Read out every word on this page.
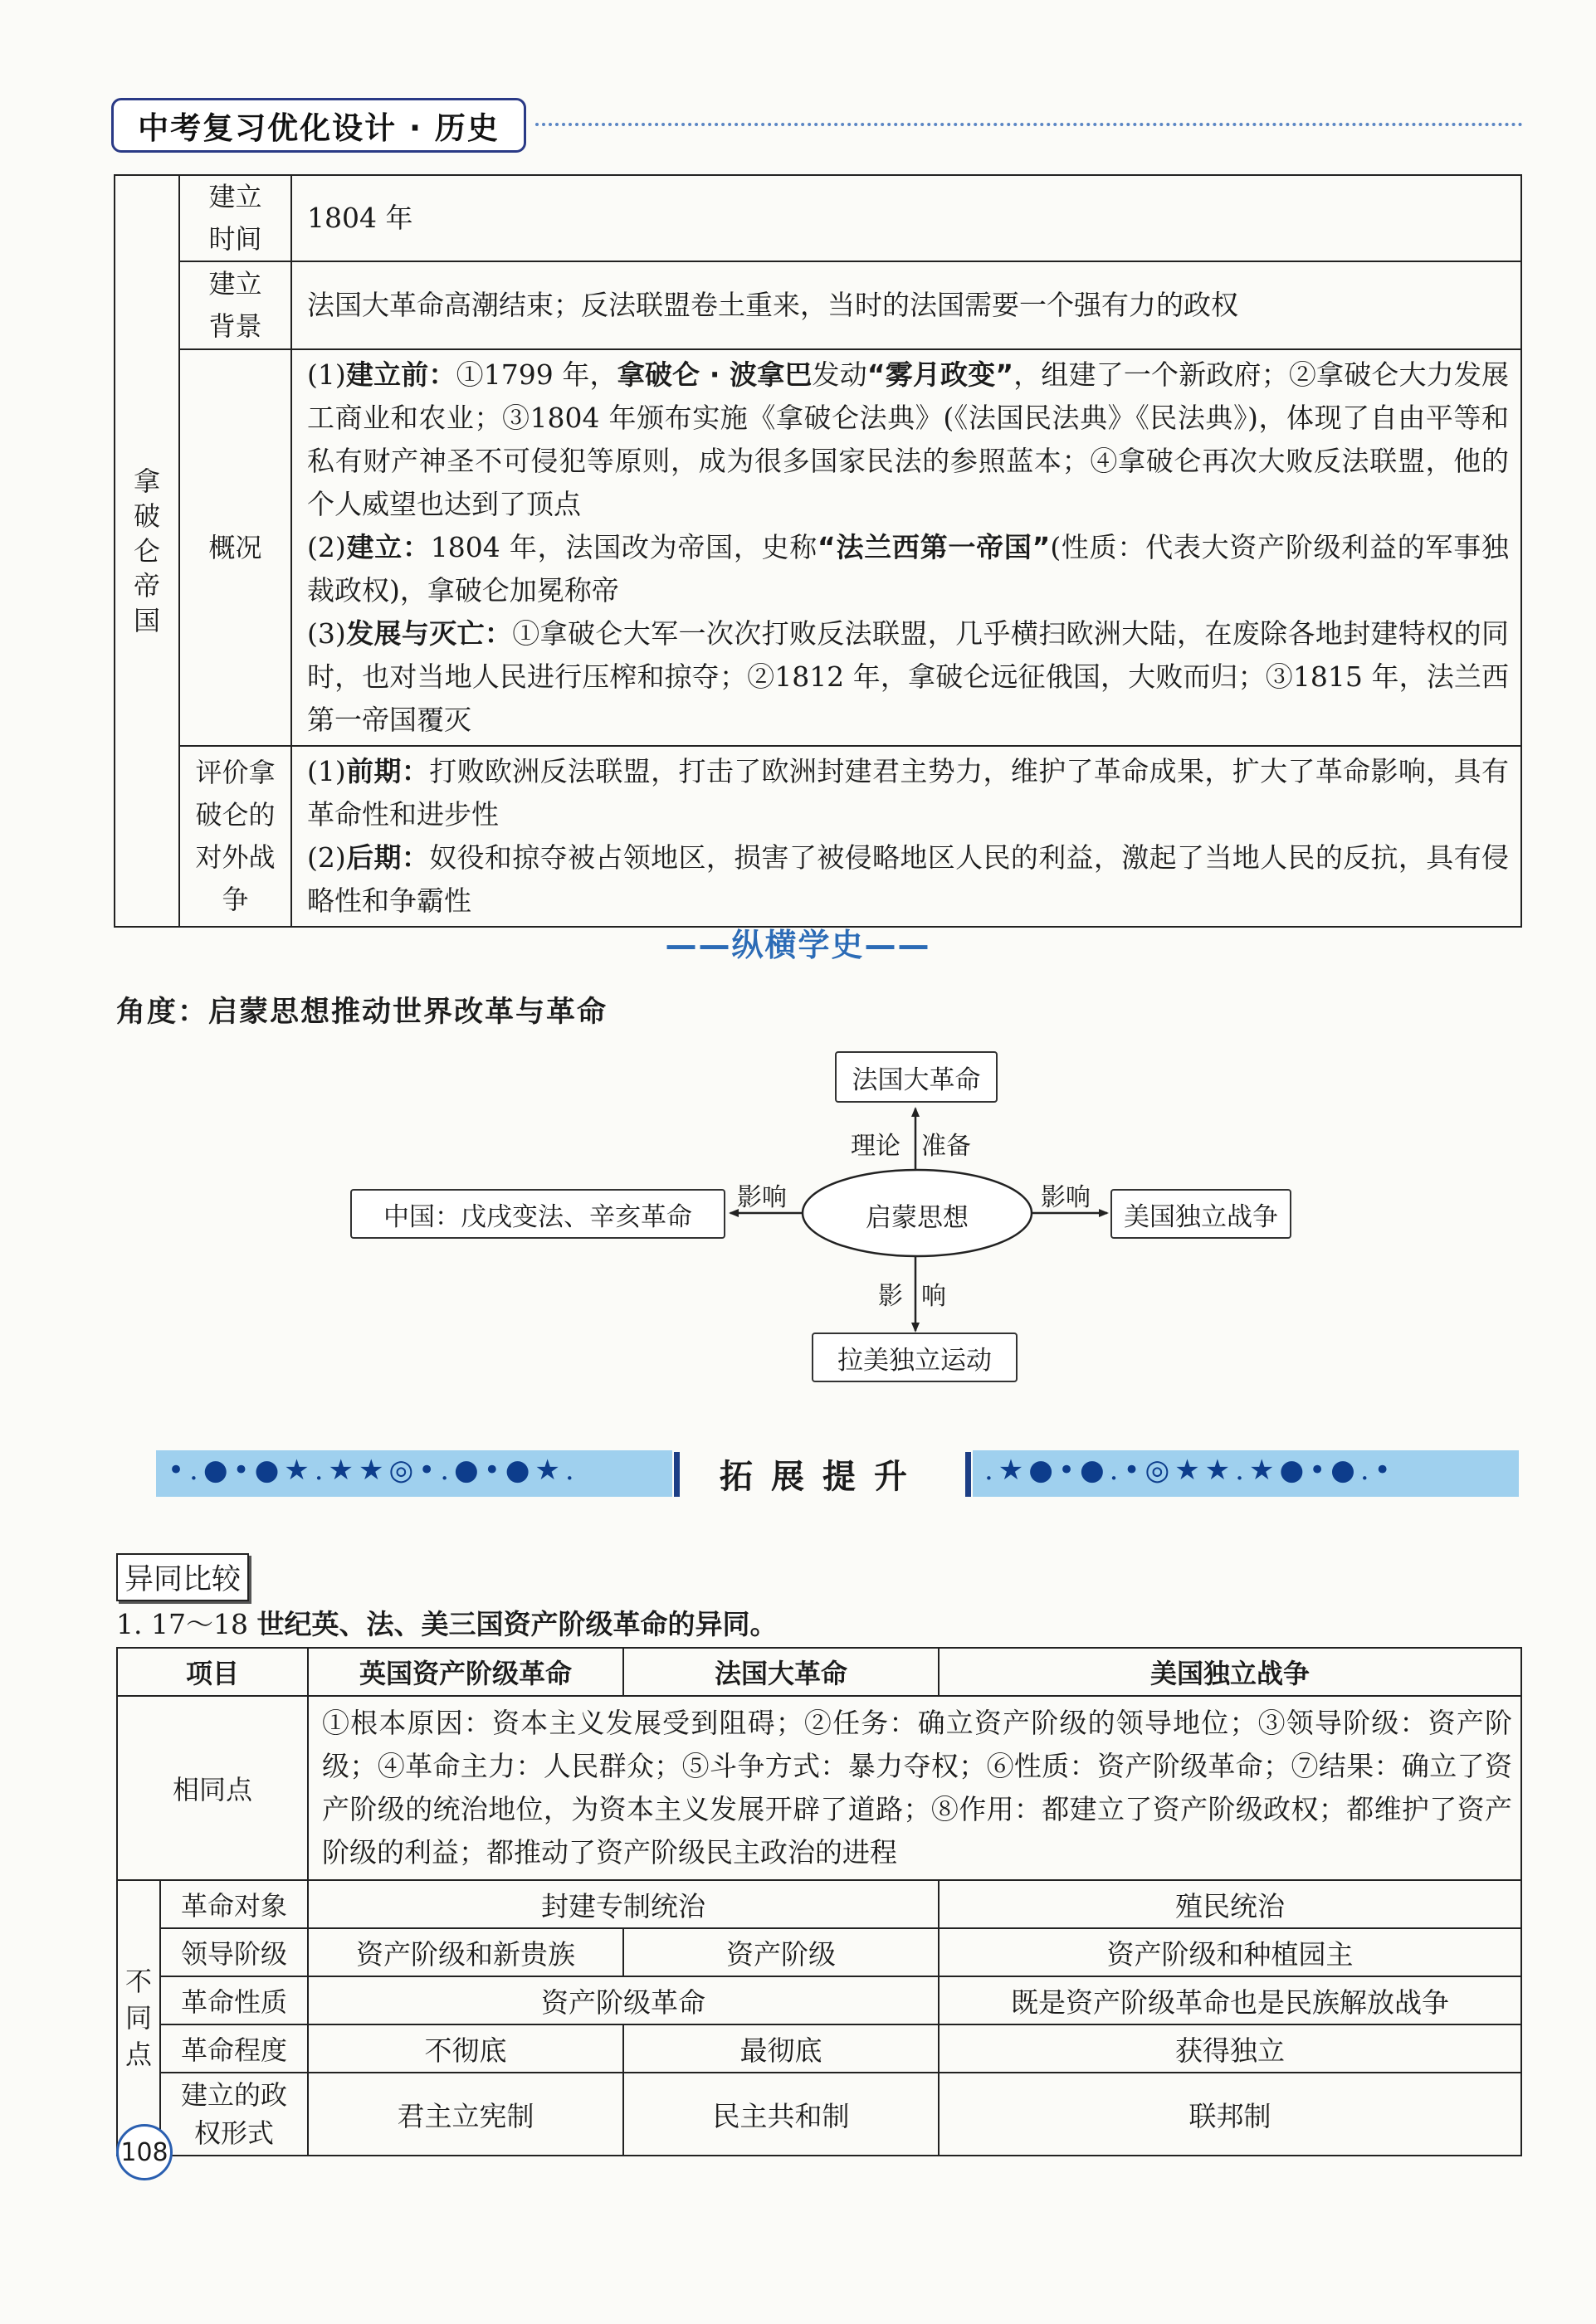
中考复习优化设计 · 历史
拿破仑帝国	建立时间	1804 年

	建立背景	法国大革命高潮结束；反法联盟卷土重来，当时的法国需要一个强有力的政权
	概况	(1)建立前：①1799 年，拿破仑 · 波拿巴发动“雾月政变”，组建了一个新政府；②拿破仑大力发展工商业和农业；③1804 年颁布实施《拿破仑法典》(《法国民法典》《民法典》)，体现了自由平等和私有财产神圣不可侵犯等原则，成为很多国家民法的参照蓝本；④拿破仑再次大败反法联盟，他的个人威望也达到了顶点
(2)建立：1804 年，法国改为帝国，史称“法兰西第一帝国”(性质：代表大资产阶级利益的军事独裁政权)，拿破仑加冕称帝
(3)发展与灭亡：①拿破仑大军一次次打败反法联盟，几乎横扫欧洲大陆，在废除各地封建特权的同时，也对当地人民进行压榨和掠夺；②1812 年，拿破仑远征俄国，大败而归；③1815 年，法兰西第一帝国覆灭

	评价拿破仑的对外战争	(1)前期：打败欧洲反法联盟，打击了欧洲封建君主势力，维护了革命成果，扩大了革命影响，具有革命性和进步性
(2)后期：奴役和掠夺被占领地区，损害了被侵略地区人民的利益，激起了当地人民的反抗，具有侵略性和争霸性
——纵横学史——
角度：启蒙思想推动世界改革与革命
法国大革命
中国：戊戌变法、辛亥革命	美国独立战争
拉美独立运动
启蒙思想
理论 准备
影响	影响
影 响
•.●•●★.★★◎•.●•●★.	拓展提升	.★●•●.•◎★★.★●•●.•
异同比较
1. 17～18 世纪英、法、美三国资产阶级革命的异同。
项目		英国资产阶级革命	法国大革命	美国独立战争
相同点		①根本原因：资本主义发展受到阻碍；②任务：确立资产阶级的领导地位；③领导阶级：资产阶级；④革命主力：人民群众；⑤斗争方式：暴力夺权；⑥性质：资产阶级革命；⑦结果：确立了资产阶级的统治地位，为资本主义发展开辟了道路；⑧作用：都建立了资产阶级政权；都维护了资产阶级的利益；都推动了资产阶级民主政治的进程		

不同点	革命对象	封建专制统治		殖民统治
	领导阶级	资产阶级和新贵族	资产阶级	资产阶级和种植园主
	革命性质	资产阶级革命		既是资产阶级革命也是民族解放战争
	革命程度	不彻底	最彻底	获得独立

	建立的政权形式	君主立宪制	民主共和制	联邦制
108
